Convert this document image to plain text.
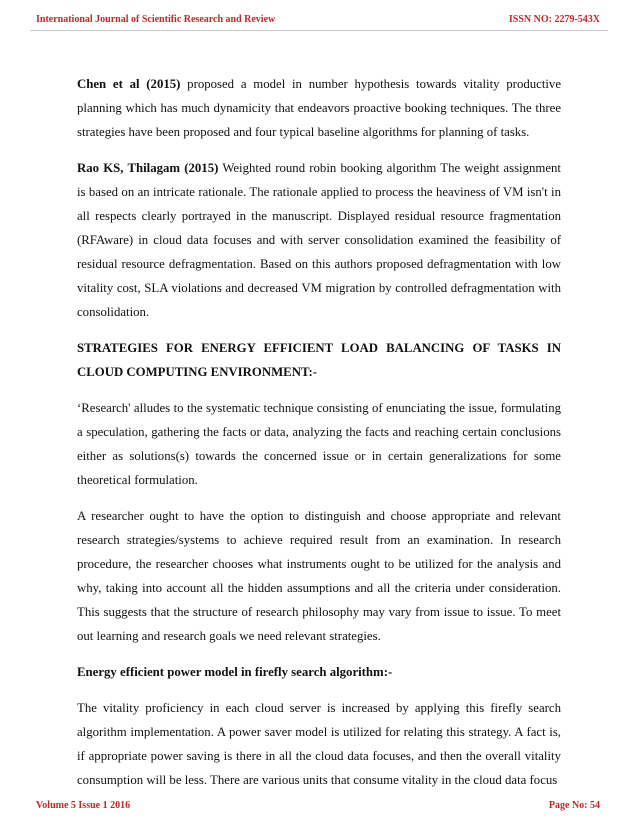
International Journal of Scientific Research and Review	ISSN NO: 2279-543X

Chen et al (2015) proposed a model in number hypothesis towards vitality productive planning which has much dynamicity that endeavors proactive booking techniques. The three strategies have been proposed and four typical baseline algorithms for planning of tasks.

Rao KS, Thilagam (2015) Weighted round robin booking algorithm The weight assignment is based on an intricate rationale. The rationale applied to process the heaviness of VM isn't in all respects clearly portrayed in the manuscript. Displayed residual resource fragmentation (RFAware) in cloud data focuses and with server consolidation examined the feasibility of residual resource defragmentation. Based on this authors proposed defragmentation with low vitality cost, SLA violations and decreased VM migration by controlled defragmentation with consolidation.

STRATEGIES FOR ENERGY EFFICIENT LOAD BALANCING OF TASKS IN CLOUD COMPUTING ENVIRONMENT:-

‘Research' alludes to the systematic technique consisting of enunciating the issue, formulating a speculation, gathering the facts or data, analyzing the facts and reaching certain conclusions either as solutions(s) towards the concerned issue or in certain generalizations for some theoretical formulation.

A researcher ought to have the option to distinguish and choose appropriate and relevant research strategies/systems to achieve required result from an examination. In research procedure, the researcher chooses what instruments ought to be utilized for the analysis and why, taking into account all the hidden assumptions and all the criteria under consideration. This suggests that the structure of research philosophy may vary from issue to issue. To meet out learning and research goals we need relevant strategies.

Energy efficient power model in firefly search algorithm:-

The vitality proficiency in each cloud server is increased by applying this firefly search algorithm implementation. A power saver model is utilized for relating this strategy. A fact is, if appropriate power saving is there in all the cloud data focuses, and then the overall vitality consumption will be less. There are various units that consume vitality in the cloud data focus

Volume 5 Issue 1 2016	Page No: 54
